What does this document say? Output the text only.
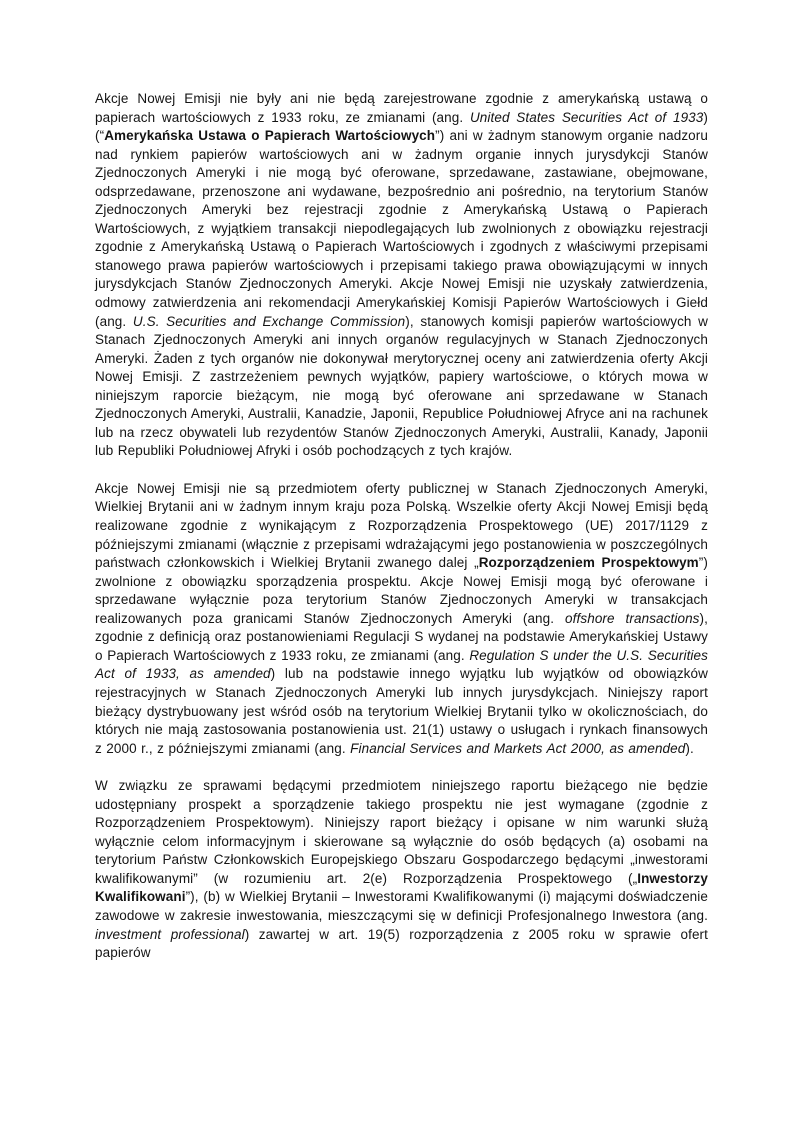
Akcje Nowej Emisji nie były ani nie będą zarejestrowane zgodnie z amerykańską ustawą o papierach wartościowych z 1933 roku, ze zmianami (ang. United States Securities Act of 1933) (“Amerykańska Ustawa o Papierach Wartościowych”) ani w żadnym stanowym organie nadzoru nad rynkiem papierów wartościowych ani w żadnym organie innych jurysdykcji Stanów Zjednoczonych Ameryki i nie mogą być oferowane, sprzedawane, zastawiane, obejmowane, odsprzedawane, przenoszone ani wydawane, bezpośrednio ani pośrednio, na terytorium Stanów Zjednoczonych Ameryki bez rejestracji zgodnie z Amerykańską Ustawą o Papierach Wartościowych, z wyjątkiem transakcji niepodlegających lub zwolnionych z obowiązku rejestracji zgodnie z Amerykańską Ustawą o Papierach Wartościowych i zgodnych z właściwymi przepisami stanowego prawa papierów wartościowych i przepisami takiego prawa obowiązującymi w innych jurysdykcjach Stanów Zjednoczonych Ameryki. Akcje Nowej Emisji nie uzyskały zatwierdzenia, odmowy zatwierdzenia ani rekomendacji Amerykańskiej Komisji Papierów Wartościowych i Giełd (ang. U.S. Securities and Exchange Commission), stanowych komisji papierów wartościowych w Stanach Zjednoczonych Ameryki ani innych organów regulacyjnych w Stanach Zjednoczonych Ameryki. Żaden z tych organów nie dokonywał merytorycznej oceny ani zatwierdzenia oferty Akcji Nowej Emisji. Z zastrzeżeniem pewnych wyjątków, papiery wartościowe, o których mowa w niniejszym raporcie bieżącym, nie mogą być oferowane ani sprzedawane w Stanach Zjednoczonych Ameryki, Australii, Kanadzie, Japonii, Republice Południowej Afryce ani na rachunek lub na rzecz obywateli lub rezydentów Stanów Zjednoczonych Ameryki, Australii, Kanady, Japonii lub Republiki Południowej Afryki i osób pochodzących z tych krajów.

Akcje Nowej Emisji nie są przedmiotem oferty publicznej w Stanach Zjednoczonych Ameryki, Wielkiej Brytanii ani w żadnym innym kraju poza Polską. Wszelkie oferty Akcji Nowej Emisji będą realizowane zgodnie z wynikającym z Rozporządzenia Prospektowego (UE) 2017/1129 z późniejszymi zmianami (włącznie z przepisami wdrażającymi jego postanowienia w poszczególnych państwach członkowskich i Wielkiej Brytanii zwanego dalej „Rozporządzeniem Prospektowym”) zwolnione z obowiązku sporządzenia prospektu. Akcje Nowej Emisji mogą być oferowane i sprzedawane wyłącznie poza terytorium Stanów Zjednoczonych Ameryki w transakcjach realizowanych poza granicami Stanów Zjednoczonych Ameryki (ang. offshore transactions), zgodnie z definicją oraz postanowieniami Regulacji S wydanej na podstawie Amerykańskiej Ustawy o Papierach Wartościowych z 1933 roku, ze zmianami (ang. Regulation S under the U.S. Securities Act of 1933, as amended) lub na podstawie innego wyjątku lub wyjątków od obowiązków rejestracyjnych w Stanach Zjednoczonych Ameryki lub innych jurysdykcjach. Niniejszy raport bieżący dystrybuowany jest wśród osób na terytorium Wielkiej Brytanii tylko w okolicznościach, do których nie mają zastosowania postanowienia ust. 21(1) ustawy o usługach i rynkach finansowych z 2000 r., z późniejszymi zmianami (ang. Financial Services and Markets Act 2000, as amended).

W związku ze sprawami będącymi przedmiotem niniejszego raportu bieżącego nie będzie udostępniany prospekt a sporządzenie takiego prospektu nie jest wymagane (zgodnie z Rozporządzeniem Prospektowym). Niniejszy raport bieżący i opisane w nim warunki służą wyłącznie celom informacyjnym i skierowane są wyłącznie do osób będących (a) osobami na terytorium Państw Członkowskich Europejskiego Obszaru Gospodarczego będącymi „inwestorami kwalifikowanymi” (w rozumieniu art. 2(e) Rozporządzenia Prospektowego („Inwestorzy Kwalifikowani”), (b) w Wielkiej Brytanii – Inwestorami Kwalifikowanymi (i) mającymi doświadczenie zawodowe w zakresie inwestowania, mieszczącymi się w definicji Profesjonalnego Inwestora (ang. investment professional) zawartej w art. 19(5) rozporządzenia z 2005 roku w sprawie ofert papierów
